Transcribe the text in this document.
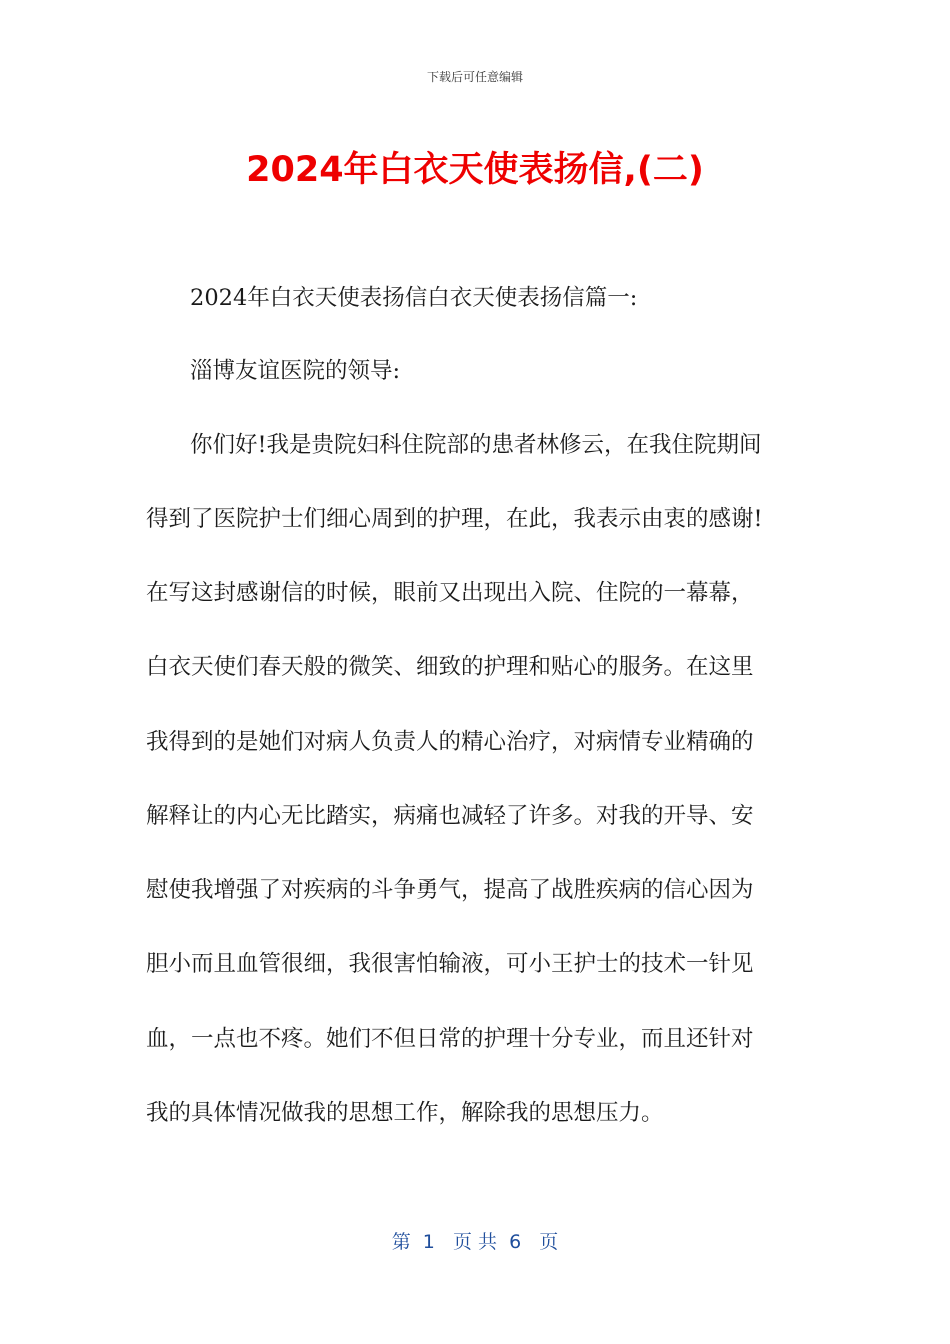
下载后可任意编辑
2024年白衣天使表扬信,(二)
2024年白衣天使表扬信白衣天使表扬信篇一:
淄博友谊医院的领导:
你们好!我是贵院妇科住院部的患者林修云，在我住院期间
得到了医院护士们细心周到的护理，在此，我表示由衷的感谢!
在写这封感谢信的时候，眼前又出现出入院、住院的一幕幕，
白衣天使们春天般的微笑、细致的护理和贴心的服务。在这里
我得到的是她们对病人负责人的精心治疗，对病情专业精确的
解释让的内心无比踏实，病痛也减轻了许多。对我的开导、安
慰使我增强了对疾病的斗争勇气，提高了战胜疾病的信心因为
胆小而且血管很细，我很害怕输液，可小王护士的技术一针见
血，一点也不疼。她们不但日常的护理十分专业，而且还针对
我的具体情况做我的思想工作，解除我的思想压力。
第  1   页 共  6   页
